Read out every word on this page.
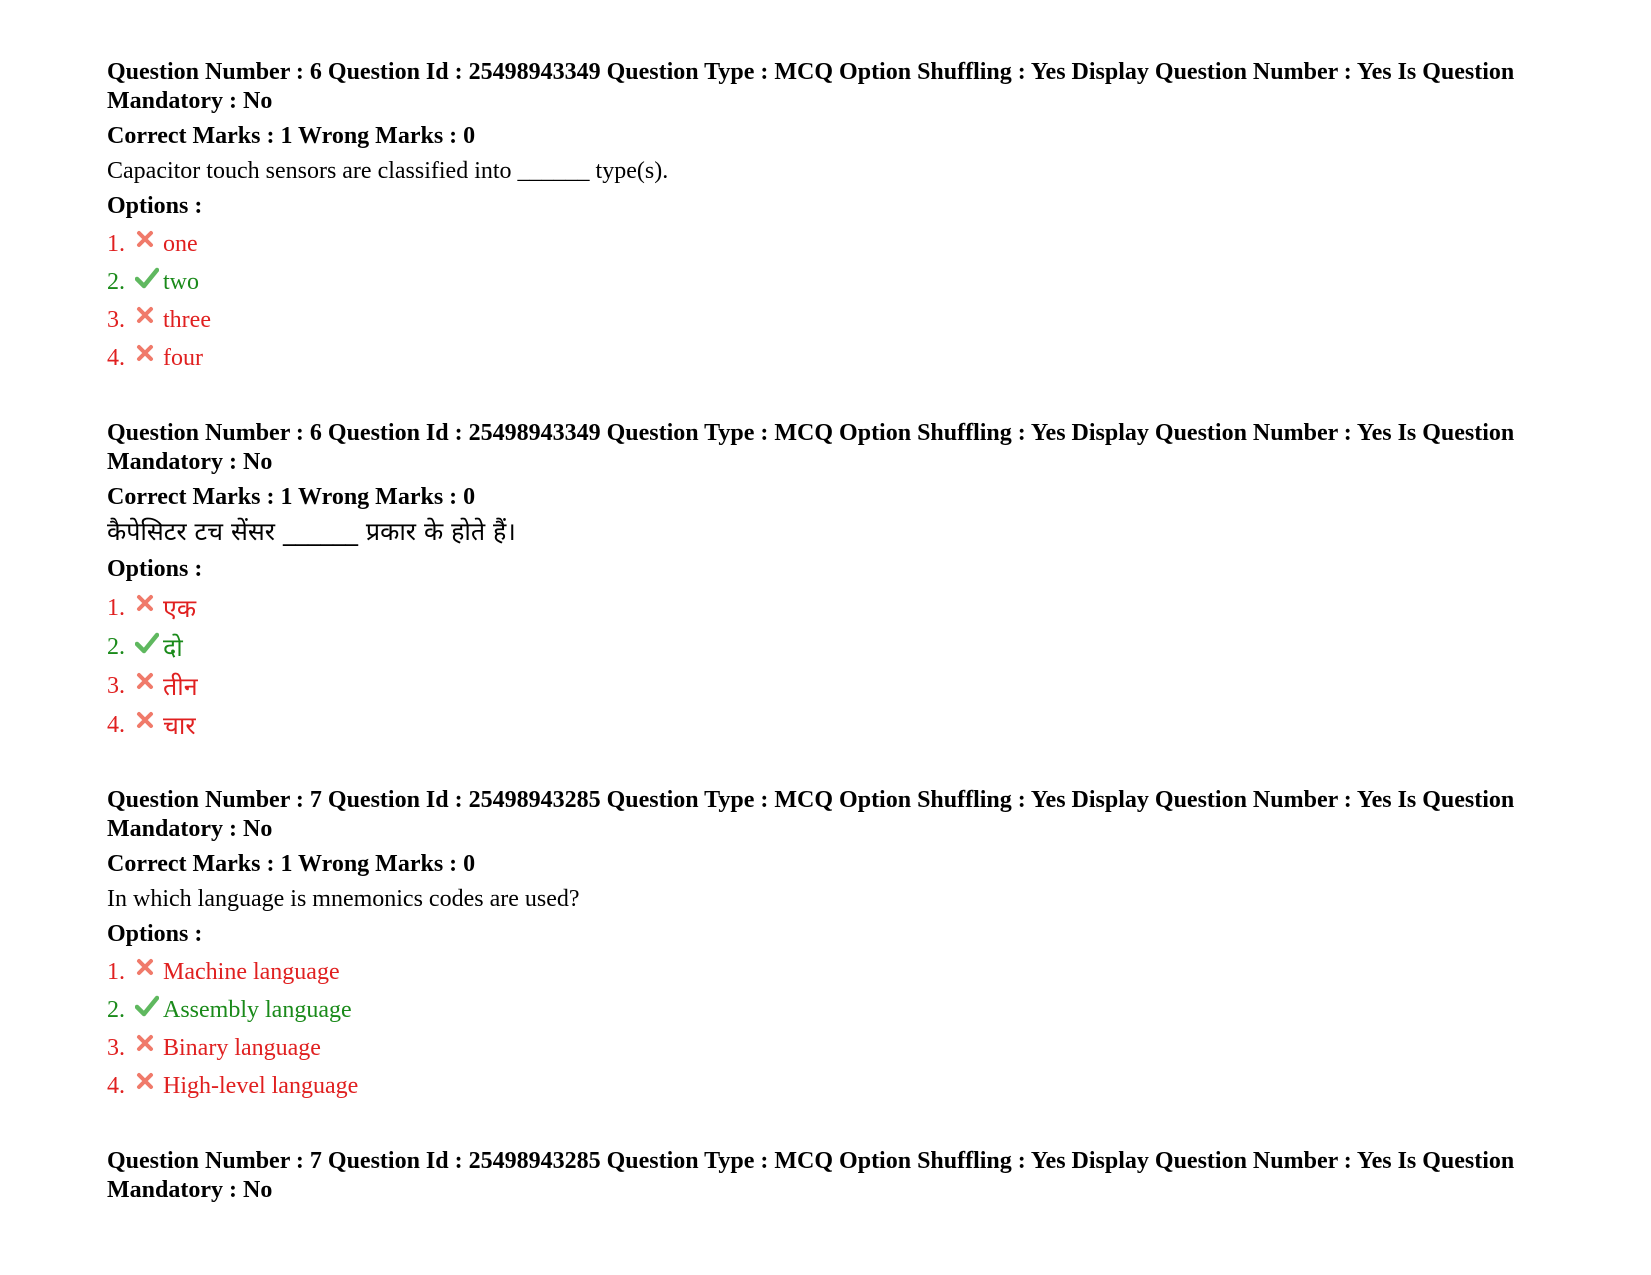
Question Number : 6 Question Id : 25498943349 Question Type : MCQ Option Shuffling : Yes Display Question Number : Yes Is Question Mandatory : No
Correct Marks : 1 Wrong Marks : 0
Capacitor touch sensors are classified into ______ type(s).
Options :
1.	one
2.	two
3.	three
4.	four
Question Number : 6 Question Id : 25498943349 Question Type : MCQ Option Shuffling : Yes Display Question Number : Yes Is Question Mandatory : No
Correct Marks : 1 Wrong Marks : 0
कैपेसिटर टच सेंसर ______ प्रकार के होते हैं।
Options :
1.	एक
2.	दो
3.	तीन
4.	चार
Question Number : 7 Question Id : 25498943285 Question Type : MCQ Option Shuffling : Yes Display Question Number : Yes Is Question Mandatory : No
Correct Marks : 1 Wrong Marks : 0
In which language is mnemonics codes are used?
Options :
1.	Machine language
2.	Assembly language
3.	Binary language
4.	High-level language
Question Number : 7 Question Id : 25498943285 Question Type : MCQ Option Shuffling : Yes Display Question Number : Yes Is Question Mandatory : No
